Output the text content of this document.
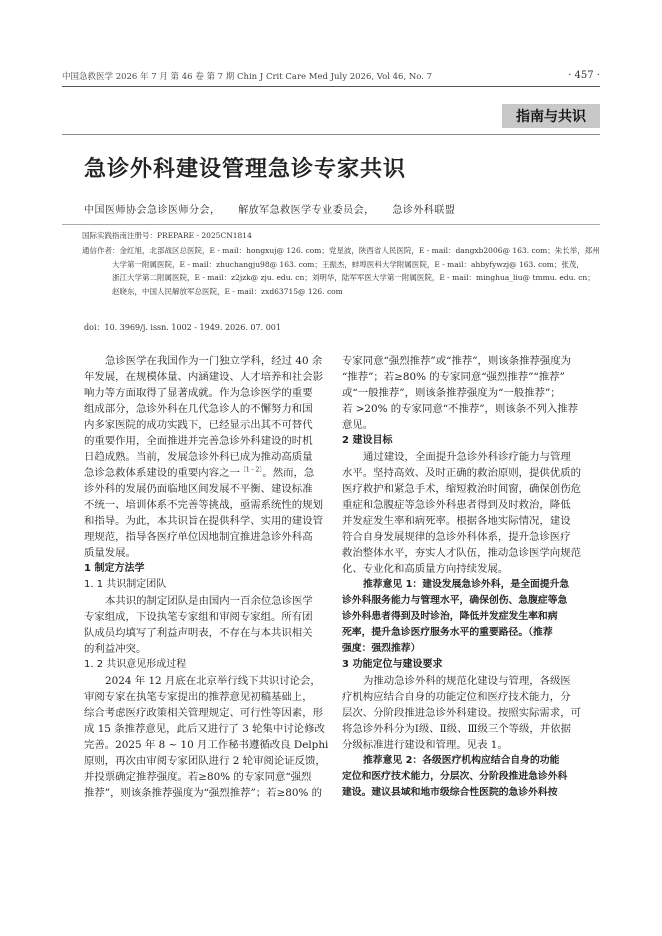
中国急救医学 2026 年 7 月 第 46 卷 第 7 期 Chin J Crit Care Med July 2026, Vol 46, No. 7	· 457 ·
指南与共识
急诊外科建设管理急诊专家共识
中国医师协会急诊医师分会， 解放军急救医学专业委员会， 急诊外科联盟
国际实践指南注册号：PREPARE - 2025CN1814
通信作者：金红旭，北部战区总医院，E - mail：hongxuj@ 126. com；党星波，陕西省人民医院，E - mail：dangxb2006@ 163. com；朱长举，郑州
大学第一附属医院，E - mail：zhuchangju98@ 163. com；王振杰，蚌埠医科大学附属医院，E - mail：ahbyfywzj@ 163. com；张茂，
浙江大学第二附属医院，E - mail：z2jzk@ zju. edu. cn；刘明华，陆军军医大学第一附属医院，E - mail：minghua_liu@ tmmu. edu. cn；
赵晓东，中国人民解放军总医院，E - mail：zxd63715@ 126. com
doi：10. 3969/j. issn. 1002 - 1949. 2026. 07. 001
急诊医学在我国作为一门独立学科，经过 40 余
年发展，在规模体量、内涵建设、人才培养和社会影
响力等方面取得了显著成就。作为急诊医学的重要
组成部分，急诊外科在几代急诊人的不懈努力和国
内多家医院的成功实践下，已经显示出其不可替代
的重要作用，全面推进并完善急诊外科建设的时机
日趋成熟。当前，发展急诊外科已成为推动高质量
急诊急救体系建设的重要内容之一$^{[1 - 2]}$。然而，急
诊外科的发展仍面临地区间发展不平衡、建设标准
不统一、培训体系不完善等挑战，亟需系统性的规划
和指导。为此，本共识旨在提供科学、实用的建设管
理规范，指导各医疗单位因地制宜推进急诊外科高
质量发展。
1 制定方法学
1. 1 共识制定团队
本共识的制定团队是由国内一百余位急诊医学
专家组成，下设执笔专家组和审阅专家组。所有团
队成员均填写了利益声明表，不存在与本共识相关
的利益冲突。
1. 2 共识意见形成过程
2024 年 12 月底在北京举行线下共识讨论会，
审阅专家在执笔专家提出的推荐意见初稿基础上，
综合考虑医疗政策相关管理规定、可行性等因素，形
成 15 条推荐意见，此后又进行了 3 轮集中讨论修改
完善。2025 年 8 ~ 10 月工作秘书遵循改良 Delphi
原则，再次由审阅专家团队进行 2 轮审阅论证反馈，
并投票确定推荐强度。若≥80% 的专家同意“强烈
推荐”，则该条推荐强度为“强烈推荐”；若≥80% 的
专家同意“强烈推荐”或“推荐”，则该条推荐强度为
“推荐”；若≥80% 的专家同意“强烈推荐”“推荐”
或“一般推荐”，则该条推荐强度为“一般推荐”；
若 >20% 的专家同意“不推荐”，则该条不列入推荐
意见。
2 建设目标
通过建设，全面提升急诊外科诊疗能力与管理
水平。坚持高效、及时正确的救治原则，提供优质的
医疗救护和紧急手术，缩短救治时间窗，确保创伤危
重症和急腹症等急诊外科患者得到及时救治，降低
并发症发生率和病死率。根据各地实际情况，建设
符合自身发展规律的急诊外科体系，提升急诊医疗
救治整体水平，夯实人才队伍，推动急诊医学向规范
化、专业化和高质量方向持续发展。
推荐意见 1：建设发展急诊外科，是全面提升急
诊外科服务能力与管理水平，确保创伤、急腹症等急
诊外科患者得到及时诊治，降低并发症发生率和病
死率，提升急诊医疗服务水平的重要路径。（推荐
强度：强烈推荐）
3 功能定位与建设要求
为推动急诊外科的规范化建设与管理，各级医
疗机构应结合自身的功能定位和医疗技术能力，分
层次、分阶段推进急诊外科建设。按照实际需求，可
将急诊外科分为Ⅰ级、Ⅱ级、Ⅲ级三个等级，并依据
分级标准进行建设和管理。见表 1。
推荐意见 2：各级医疗机构应结合自身的功能
定位和医疗技术能力，分层次、分阶段推进急诊外科
建设。建议县域和地市级综合性医院的急诊外科按
